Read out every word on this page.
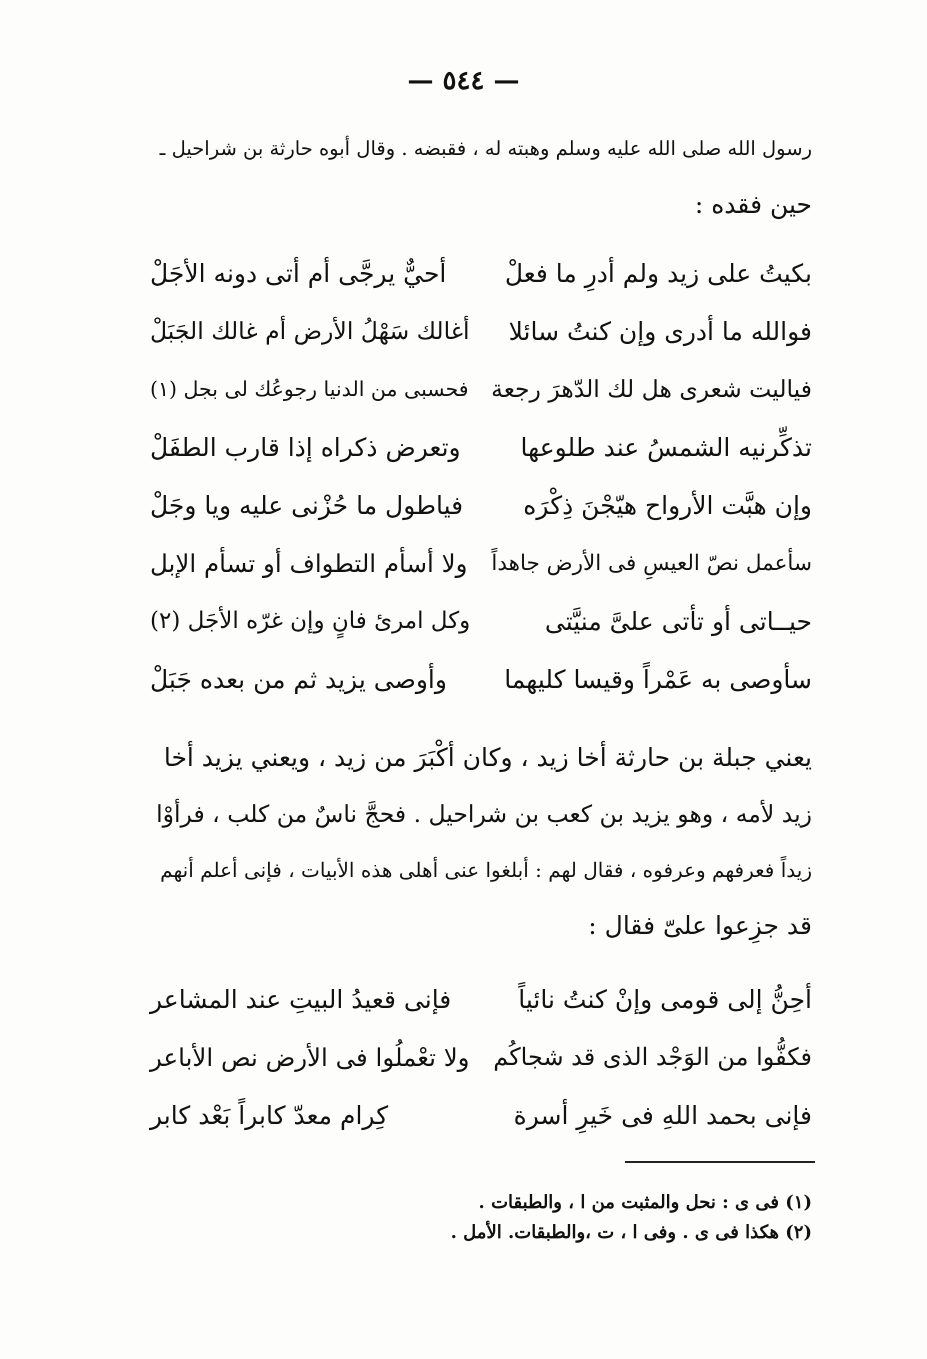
— ٥٤٤ —

رسول الله صلى الله عليه وسلم وهبته له ، فقبضه . وقال أبوه حارثة بن شراحيل ـ

حين فقده :

بكيتُ على زيد ولم أدرِ ما فعلْ
أحيٌّ يرجَّى أم أتى دونه الأجَلْ
فوالله ما أدرى وإن كنتُ سائلا
أغالك سَهْلُ الأرض أم غالك الجَبَلْ
فياليت شعرى هل لك الدّهرَ رجعة
فحسبى من الدنيا رجوعُك لى بجل (١)
تذكِّرنيه الشمسُ عند طلوعها
وتعرض ذكراه إذا قارب الطفَلْ
وإن هبَّت الأرواح هيّجْنَ ذِكْرَه
فياطول ما حُزْنى عليه ويا وجَلْ
سأعمل نصّ العيسِ فى الأرض جاهداً
ولا أسأم التطواف أو تسأم الإبل
حيــاتى أو تأتى علىَّ منيَّتى
وكل امرئ فانٍ وإن غرّه الأجَل (٢)
سأوصى به عَمْراً وقيسا كليهما
وأوصى يزيد ثم من بعده جَبَلْ

يعني جبلة بن حارثة أخا زيد ، وكان أكْبَرَ من زيد ، ويعني يزيد أخا

زيد لأمه ، وهو يزيد بن كعب بن شراحيل . فحجَّ ناسٌ من كلب ، فرأوْا

زيداً فعرفهم وعرفوه ، فقال لهم : أبلغوا عنى أهلى هذه الأبيات ، فإنى أعلم أنهم

قد جزِعوا علىّ فقال :

أحِنُّ إلى قومى وإنْ كنتُ نائياً
فإنى قعيدُ البيتِ عند المشاعر
فكفُّوا من الوَجْد الذى قد شجاكُم
ولا تعْملُوا فى الأرض نص الأباعر
فإنى بحمد اللهِ فى خَيرِ أسرة
كِرام معدّ كابراً بَعْد كابر
(١) فى ى : نحل والمثبت من ا ، والطبقات .
(٢) هكذا فى ى . وفى ا ، ت ،والطبقات. الأمل .
